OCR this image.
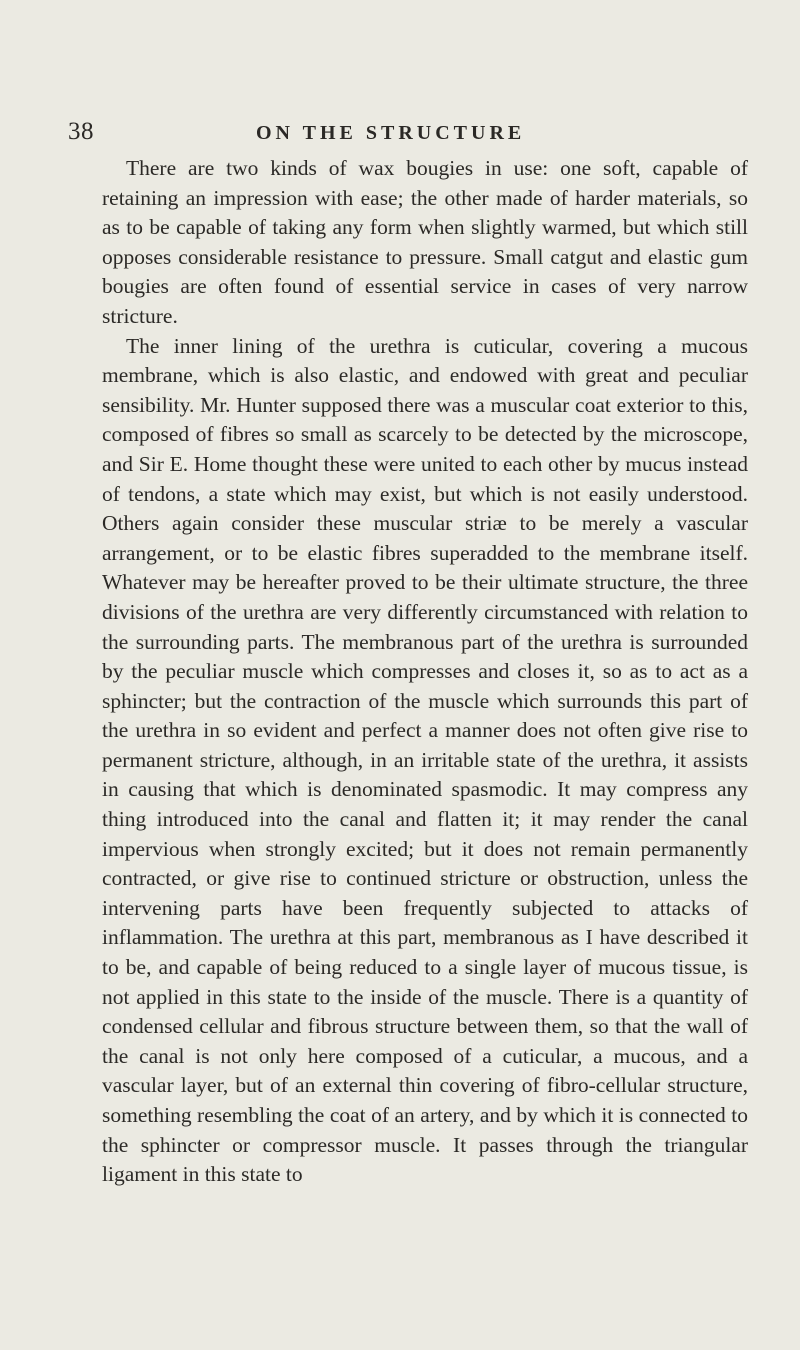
38	ON THE STRUCTURE

There are two kinds of wax bougies in use: one soft, capable of retaining an impression with ease; the other made of harder materials, so as to be capable of taking any form when slightly warmed, but which still opposes considerable resistance to pressure. Small catgut and elastic gum bougies are often found of essential service in cases of very narrow stricture.

The inner lining of the urethra is cuticular, covering a mucous membrane, which is also elastic, and endowed with great and peculiar sensibility. Mr. Hunter supposed there was a muscular coat exterior to this, composed of fibres so small as scarcely to be detected by the microscope, and Sir E. Home thought these were united to each other by mucus instead of tendons, a state which may exist, but which is not easily understood. Others again consider these muscular striæ to be merely a vascular arrangement, or to be elastic fibres superadded to the membrane itself. Whatever may be hereafter proved to be their ultimate structure, the three divisions of the urethra are very differently circumstanced with relation to the surrounding parts. The membranous part of the urethra is surrounded by the peculiar muscle which compresses and closes it, so as to act as a sphincter; but the contraction of the muscle which surrounds this part of the urethra in so evident and perfect a manner does not often give rise to permanent stricture, although, in an irritable state of the urethra, it assists in causing that which is denominated spasmodic. It may compress any thing introduced into the canal and flatten it; it may render the canal impervious when strongly excited; but it does not remain permanently contracted, or give rise to continued stricture or obstruction, unless the intervening parts have been frequently subjected to attacks of inflammation. The urethra at this part, membranous as I have described it to be, and capable of being reduced to a single layer of mucous tissue, is not applied in this state to the inside of the muscle. There is a quantity of condensed cellular and fibrous structure between them, so that the wall of the canal is not only here composed of a cuticular, a mucous, and a vascular layer, but of an external thin covering of fibro-cellular structure, something resembling the coat of an artery, and by which it is connected to the sphincter or compressor muscle. It passes through the triangular ligament in this state to
